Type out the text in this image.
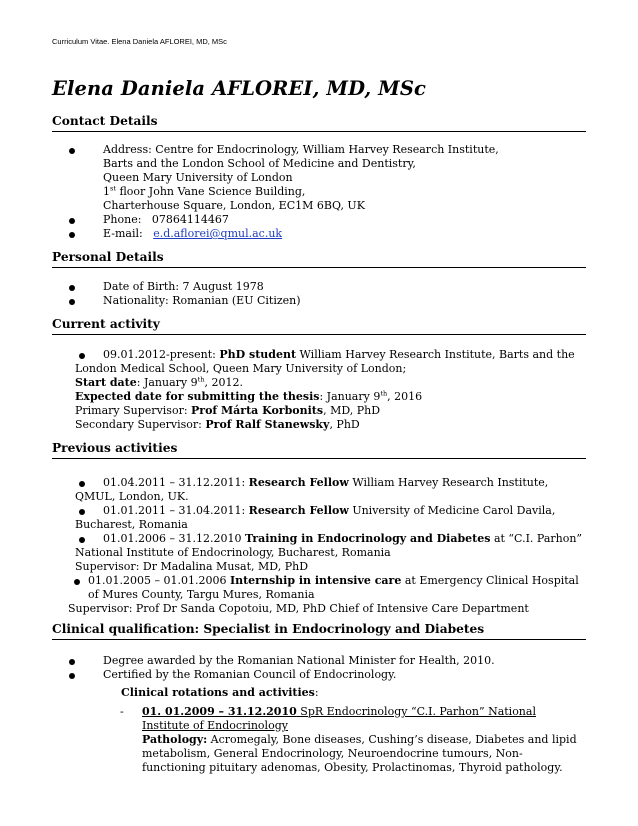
Curriculum Vitae. Elena Daniela AFLOREI, MD, MSc
Elena Daniela AFLOREI, MD, MSc
Contact Details
Address: Centre for Endocrinology, William Harvey Research Institute,
Barts and the London School of Medicine and Dentistry,
Queen Mary University of London
1st floor John Vane Science Building,
Charterhouse Square, London, EC1M 6BQ, UK
Phone: 07864114467
E-mail: e.d.aflorei@qmul.ac.uk
Personal Details
Date of Birth: 7 August 1978
Nationality: Romanian (EU Citizen)
Current activity
09.01.2012-present: PhD student William Harvey Research Institute, Barts and the
London Medical School, Queen Mary University of London;
Start date: January 9th, 2012.
Expected date for submitting the thesis: January 9th, 2016
Primary Supervisor: Prof Márta Korbonits, MD, PhD
Secondary Supervisor: Prof Ralf Stanewsky, PhD
Previous activities
01.04.2011 – 31.12.2011: Research Fellow William Harvey Research Institute,
QMUL, London, UK.
01.01.2011 – 31.04.2011: Research Fellow University of Medicine Carol Davila,
Bucharest, Romania
01.01.2006 – 31.12.2010 Training in Endocrinology and Diabetes at “C.I. Parhon”
National Institute of Endocrinology, Bucharest, Romania
Supervisor: Dr Madalina Musat, MD, PhD
01.01.2005 – 01.01.2006 Internship in intensive care at Emergency Clinical Hospital
of Mures County, Targu Mures, Romania
Supervisor: Prof Dr Sanda Copotoiu, MD, PhD Chief of Intensive Care Department
Clinical qualification: Specialist in Endocrinology and Diabetes
Degree awarded by the Romanian National Minister for Health, 2010.
Certified by the Romanian Council of Endocrinology.
Clinical rotations and activities:
- 01. 01.2009 – 31.12.2010 SpR Endocrinology “C.I. Parhon” National
Institute of Endocrinology
Pathology: Acromegaly, Bone diseases, Cushing’s disease, Diabetes and lipid
metabolism, General Endocrinology, Neuroendocrine tumours, Non-
functioning pituitary adenomas, Obesity, Prolactinomas, Thyroid pathology.
